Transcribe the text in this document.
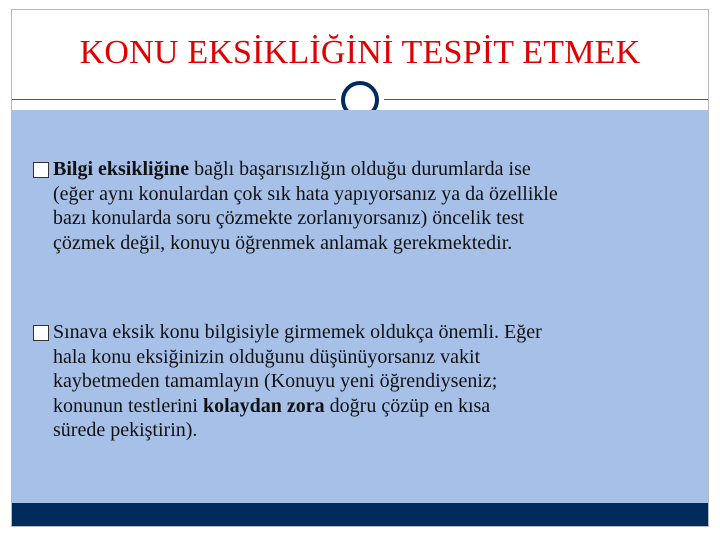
KONU EKSİKLİĞİNİ TESPİT ETMEK
Bilgi eksikliğine bağlı başarısızlığın olduğu durumlarda ise
(eğer aynı konulardan çok sık hata yapıyorsanız ya da özellikle
bazı konularda soru çözmekte zorlanıyorsanız) öncelik test
çözmek değil, konuyu öğrenmek anlamak gerekmektedir.
Sınava eksik konu bilgisiyle girmemek oldukça önemli. Eğer
hala konu eksiğinizin olduğunu düşünüyorsanız vakit
kaybetmeden tamamlayın (Konuyu yeni öğrendiyseniz;
konunun testlerini kolaydan zora doğru çözüp en kısa
sürede pekiştirin).
